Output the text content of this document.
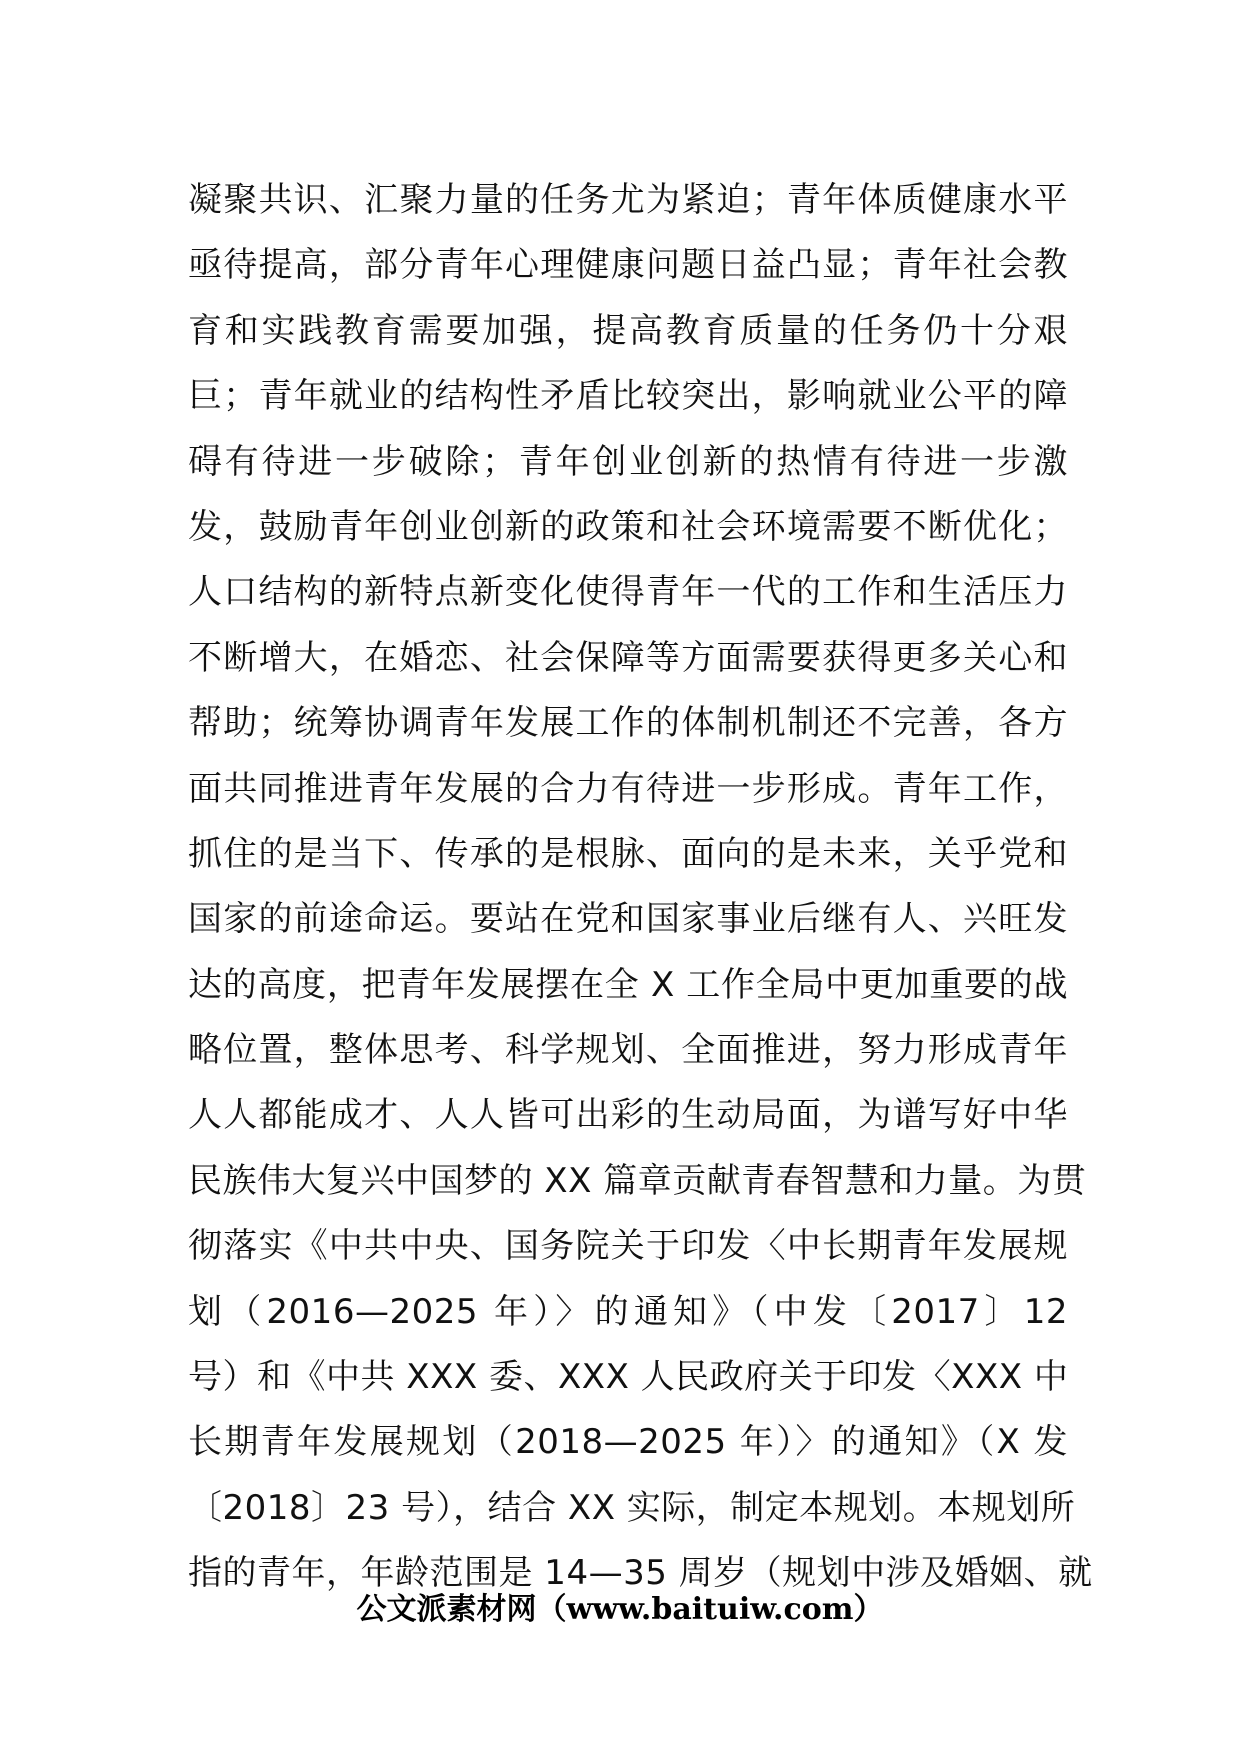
凝聚共识、汇聚力量的任务尤为紧迫；青年体质健康水平
亟待提高，部分青年心理健康问题日益凸显；青年社会教
育和实践教育需要加强，提高教育质量的任务仍十分艰
巨；青年就业的结构性矛盾比较突出，影响就业公平的障
碍有待进一步破除；青年创业创新的热情有待进一步激
发，鼓励青年创业创新的政策和社会环境需要不断优化；
人口结构的新特点新变化使得青年一代的工作和生活压力
不断增大，在婚恋、社会保障等方面需要获得更多关心和
帮助；统筹协调青年发展工作的体制机制还不完善，各方
面共同推进青年发展的合力有待进一步形成。青年工作，
抓住的是当下、传承的是根脉、面向的是未来，关乎党和
国家的前途命运。要站在党和国家事业后继有人、兴旺发
达的高度，把青年发展摆在全 X 工作全局中更加重要的战
略位置，整体思考、科学规划、全面推进，努力形成青年
人人都能成才、人人皆可出彩的生动局面，为谱写好中华
民族伟大复兴中国梦的 XX 篇章贡献青春智慧和力量。为贯
彻落实《中共中央、国务院关于印发〈中长期青年发展规
划（2016—2025 年）〉的通知》（中发〔2017〕12
号）和《中共 XXX 委、XXX 人民政府关于印发〈XXX 中
长期青年发展规划（2018—2025 年）〉的通知》（X 发
〔2018〕23 号），结合 XX 实际，制定本规划。本规划所
指的青年，年龄范围是 14—35 周岁（规划中涉及婚姻、就
公文派素材网（www.baituiw.com）
